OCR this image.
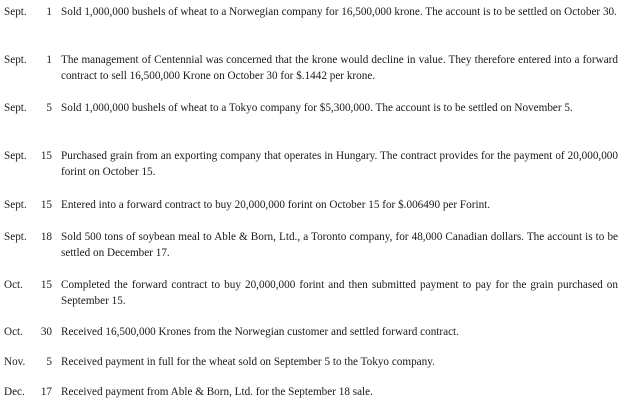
Sept.	1 Sold 1,000,000 bushels of wheat to a Norwegian company for 16,500,000 krone. The account is to be settled on October 30.
Sept.	1 The management of Centennial was concerned that the krone would decline in value. They therefore entered into a forward contract to sell 16,500,000 Krone on October 30 for $.1442 per krone.
Sept.	5 Sold 1,000,000 bushels of wheat to a Tokyo company for $5,300,000. The account is to be settled on November 5.
Sept.	15 Purchased grain from an exporting company that operates in Hungary. The contract provides for the payment of 20,000,000 forint on October 15.
Sept.	15 Entered into a forward contract to buy 20,000,000 forint on October 15 for $.006490 per Forint.
Sept.	18 Sold 500 tons of soybean meal to Able & Born, Ltd., a Toronto company, for 48,000 Canadian dollars. The account is to be settled on December 17.
Oct.	15 Completed the forward contract to buy 20,000,000 forint and then submitted payment to pay for the grain purchased on September 15.
Oct.	30 Received 16,500,000 Krones from the Norwegian customer and settled forward contract.
Nov.	5 Received payment in full for the wheat sold on September 5 to the Tokyo company.
Dec.	17 Received payment from Able & Born, Ltd. for the September 18 sale.
